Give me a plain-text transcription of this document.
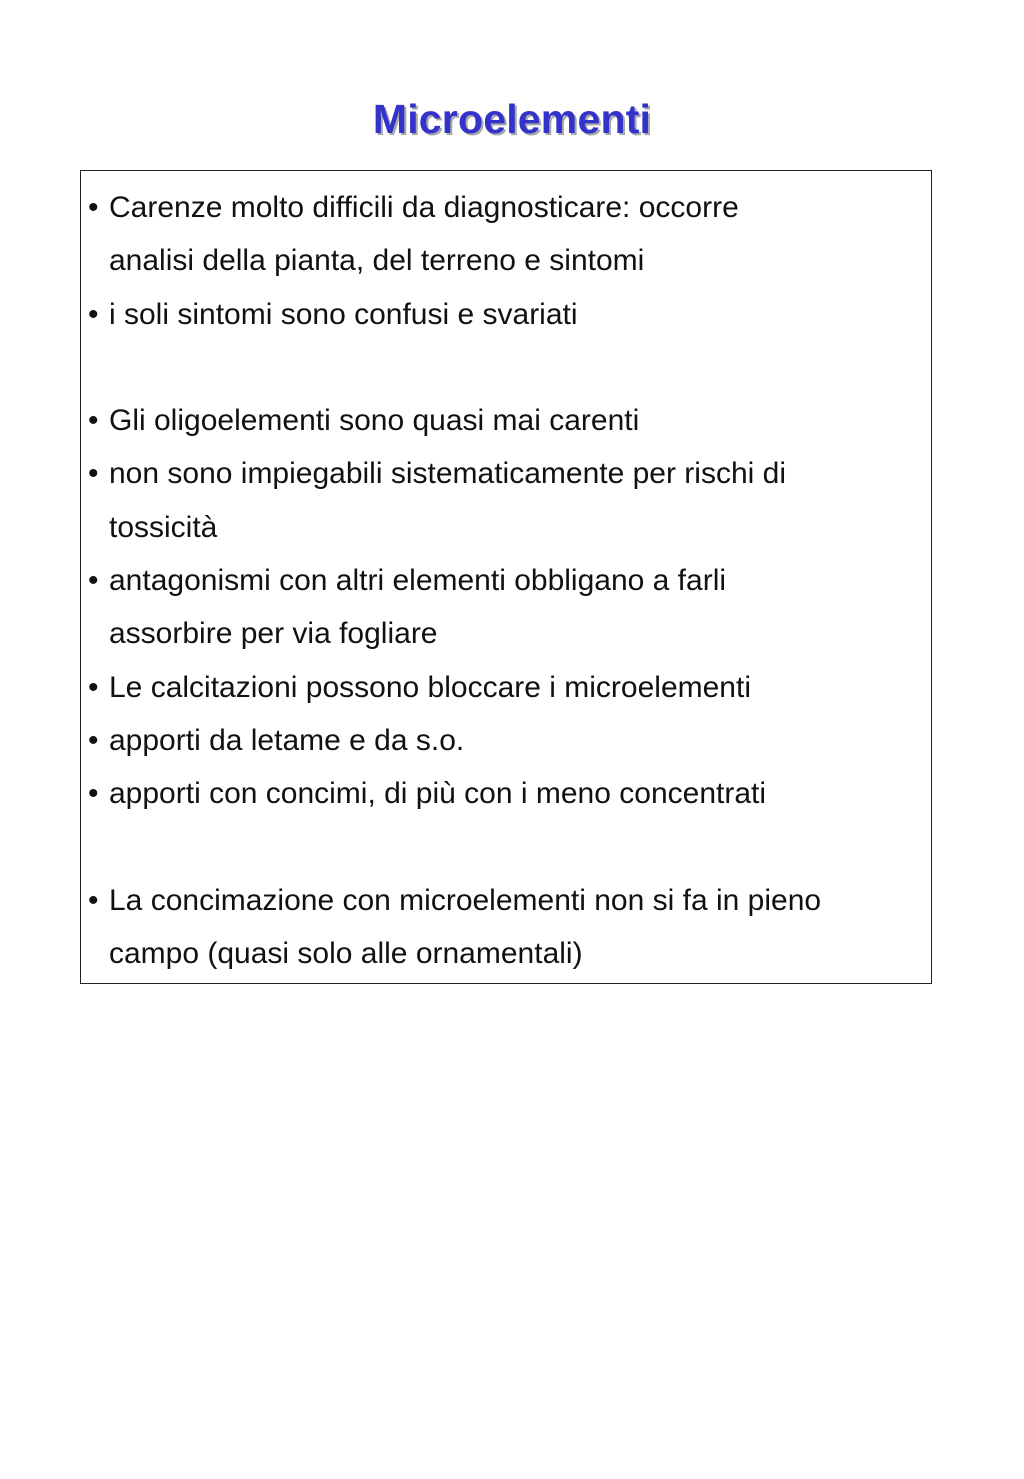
Microelementi
• Carenze molto difficili da diagnosticare: occorre
analisi della pianta, del terreno e sintomi
• i soli sintomi sono confusi e svariati
• Gli oligoelementi sono quasi mai carenti
• non sono impiegabili sistematicamente per rischi di
tossicità
• antagonismi con altri elementi obbligano a farli
assorbire per via fogliare
• Le calcitazioni possono bloccare i microelementi
• apporti da letame e da s.o.
• apporti con concimi, di più con i meno concentrati
• La concimazione con microelementi non si fa in pieno
campo (quasi solo alle ornamentali)
